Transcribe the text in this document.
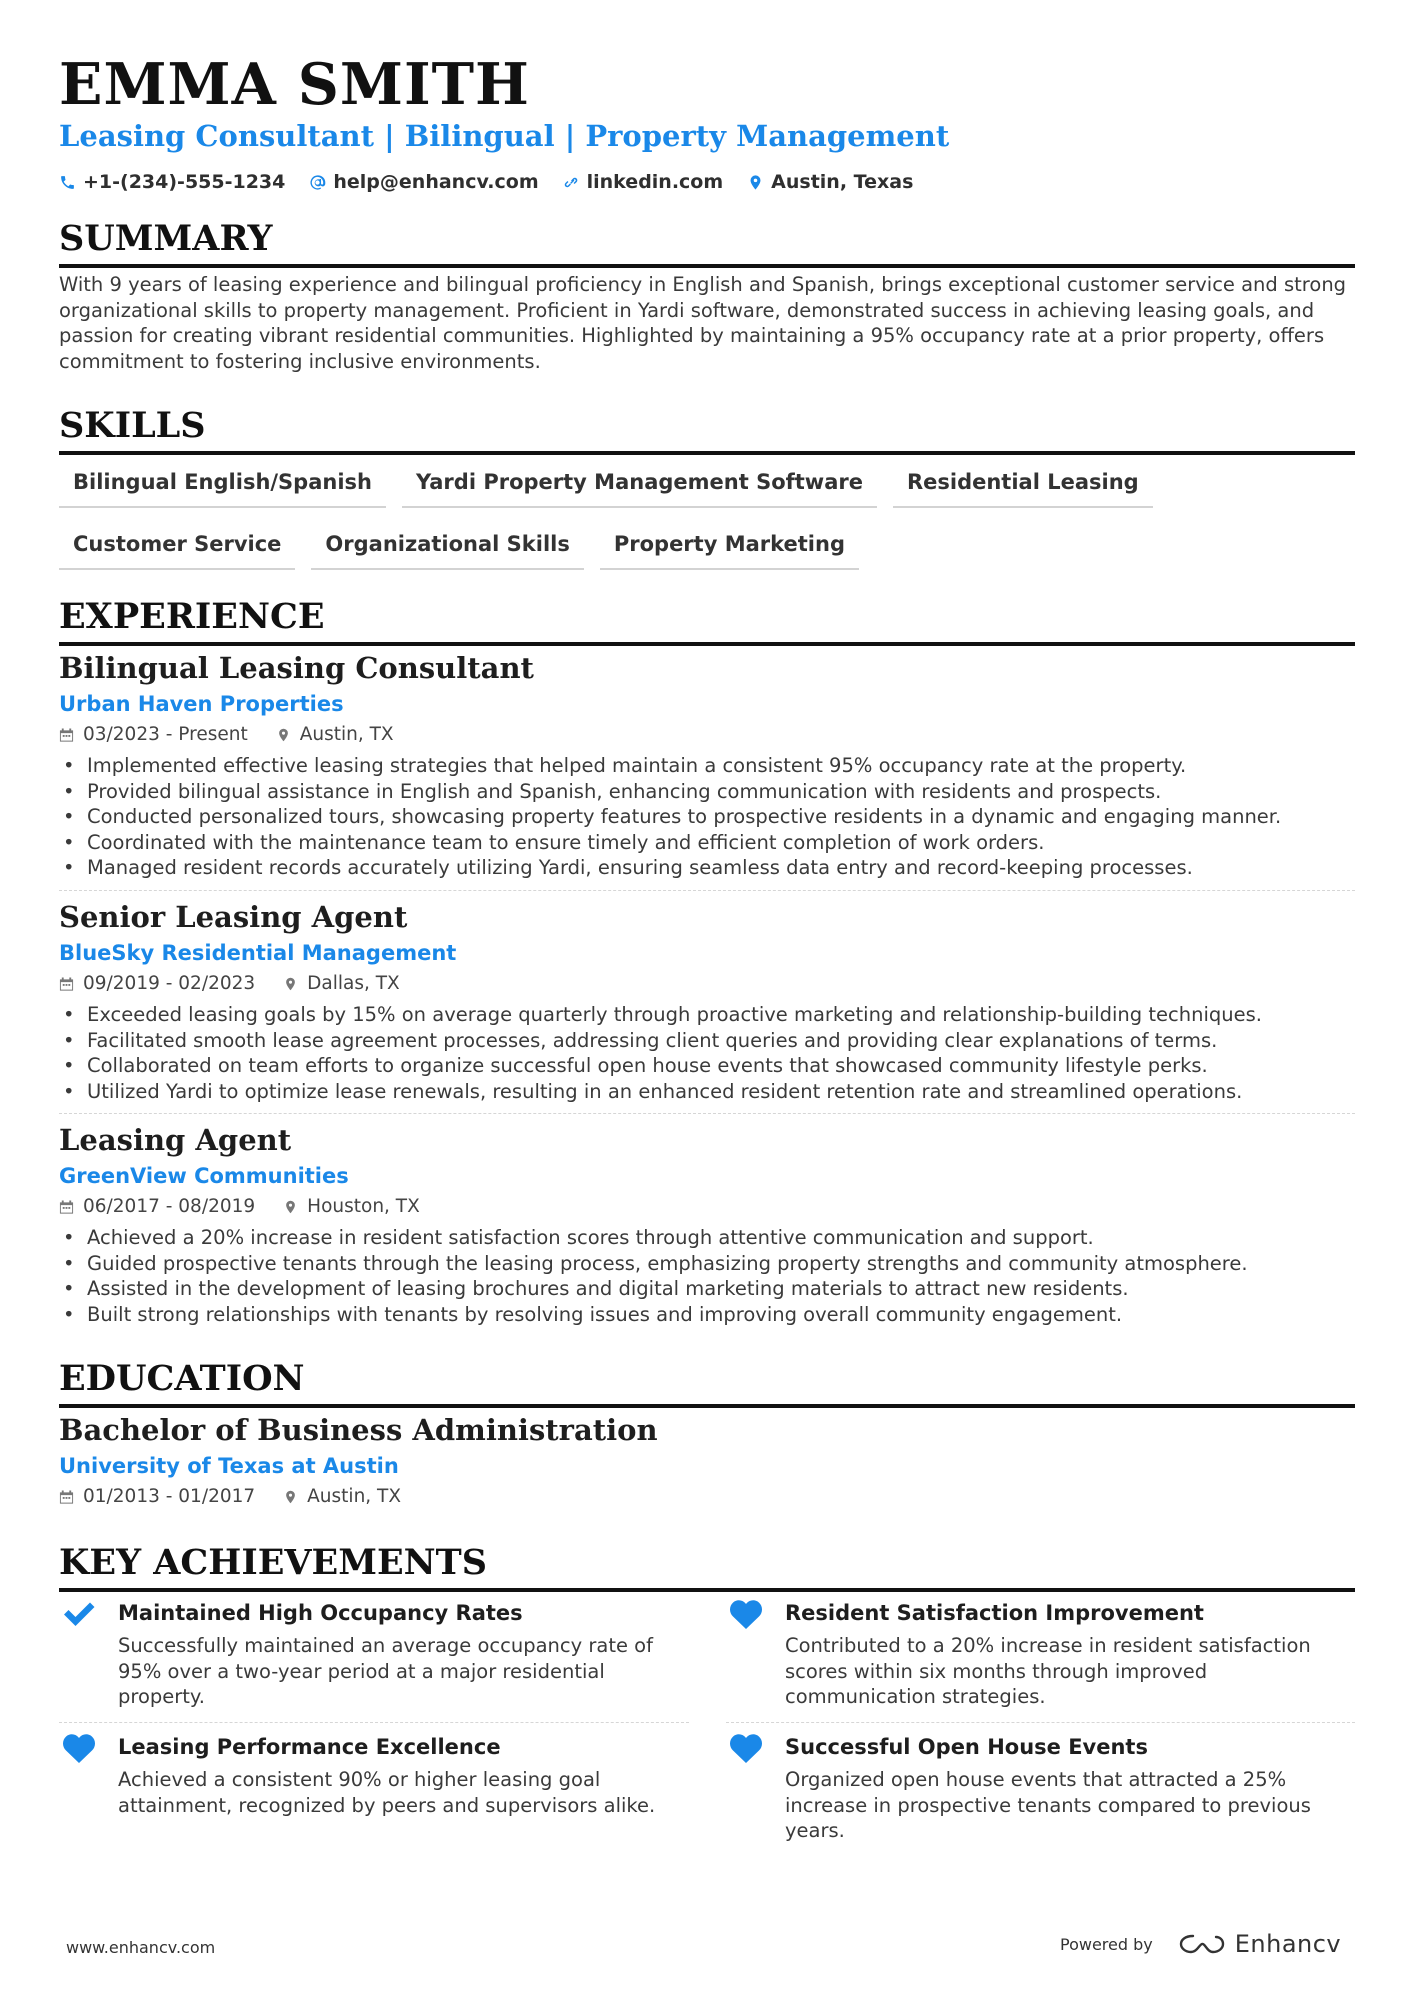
EMMA SMITH
Leasing Consultant | Bilingual | Property Management
+1-(234)-555-1234	help@enhancv.com	linkedin.com	Austin, Texas
SUMMARY

With 9 years of leasing experience and bilingual proficiency in English and Spanish, brings exceptional customer service and strong organizational skills to property management. Proficient in Yardi software, demonstrated success in achieving leasing goals, and passion for creating vibrant residential communities. Highlighted by maintaining a 95% occupancy rate at a prior property, offers commitment to fostering inclusive environments.

SKILLS
Bilingual English/Spanish	Yardi Property Management Software	Residential Leasing
Customer Service	Organizational Skills	Property Marketing
EXPERIENCE
Bilingual Leasing Consultant
Urban Haven Properties
03/2023 - Present	Austin, TX
• Implemented effective leasing strategies that helped maintain a consistent 95% occupancy rate at the property.
• Provided bilingual assistance in English and Spanish, enhancing communication with residents and prospects.
• Conducted personalized tours, showcasing property features to prospective residents in a dynamic and engaging manner.
• Coordinated with the maintenance team to ensure timely and efficient completion of work orders.
• Managed resident records accurately utilizing Yardi, ensuring seamless data entry and record-keeping processes.
Senior Leasing Agent
BlueSky Residential Management
09/2019 - 02/2023	Dallas, TX
• Exceeded leasing goals by 15% on average quarterly through proactive marketing and relationship-building techniques.
• Facilitated smooth lease agreement processes, addressing client queries and providing clear explanations of terms.
• Collaborated on team efforts to organize successful open house events that showcased community lifestyle perks.
• Utilized Yardi to optimize lease renewals, resulting in an enhanced resident retention rate and streamlined operations.
Leasing Agent
GreenView Communities
06/2017 - 08/2019	Houston, TX
• Achieved a 20% increase in resident satisfaction scores through attentive communication and support.
• Guided prospective tenants through the leasing process, emphasizing property strengths and community atmosphere.
• Assisted in the development of leasing brochures and digital marketing materials to attract new residents.
• Built strong relationships with tenants by resolving issues and improving overall community engagement.
EDUCATION
Bachelor of Business Administration
University of Texas at Austin
01/2013 - 01/2017	Austin, TX
KEY ACHIEVEMENTS
Maintained High Occupancy Rates

Successfully maintained an average occupancy rate of 95% over a two-year period at a major residential property.

Resident Satisfaction Improvement

Contributed to a 20% increase in resident satisfaction scores within six months through improved communication strategies.

Leasing Performance Excellence

Achieved a consistent 90% or higher leasing goal attainment, recognized by peers and supervisors alike.

Successful Open House Events

Organized open house events that attracted a 25% increase in prospective tenants compared to previous years.

www.enhancv.com	Powered by	Enhancv
